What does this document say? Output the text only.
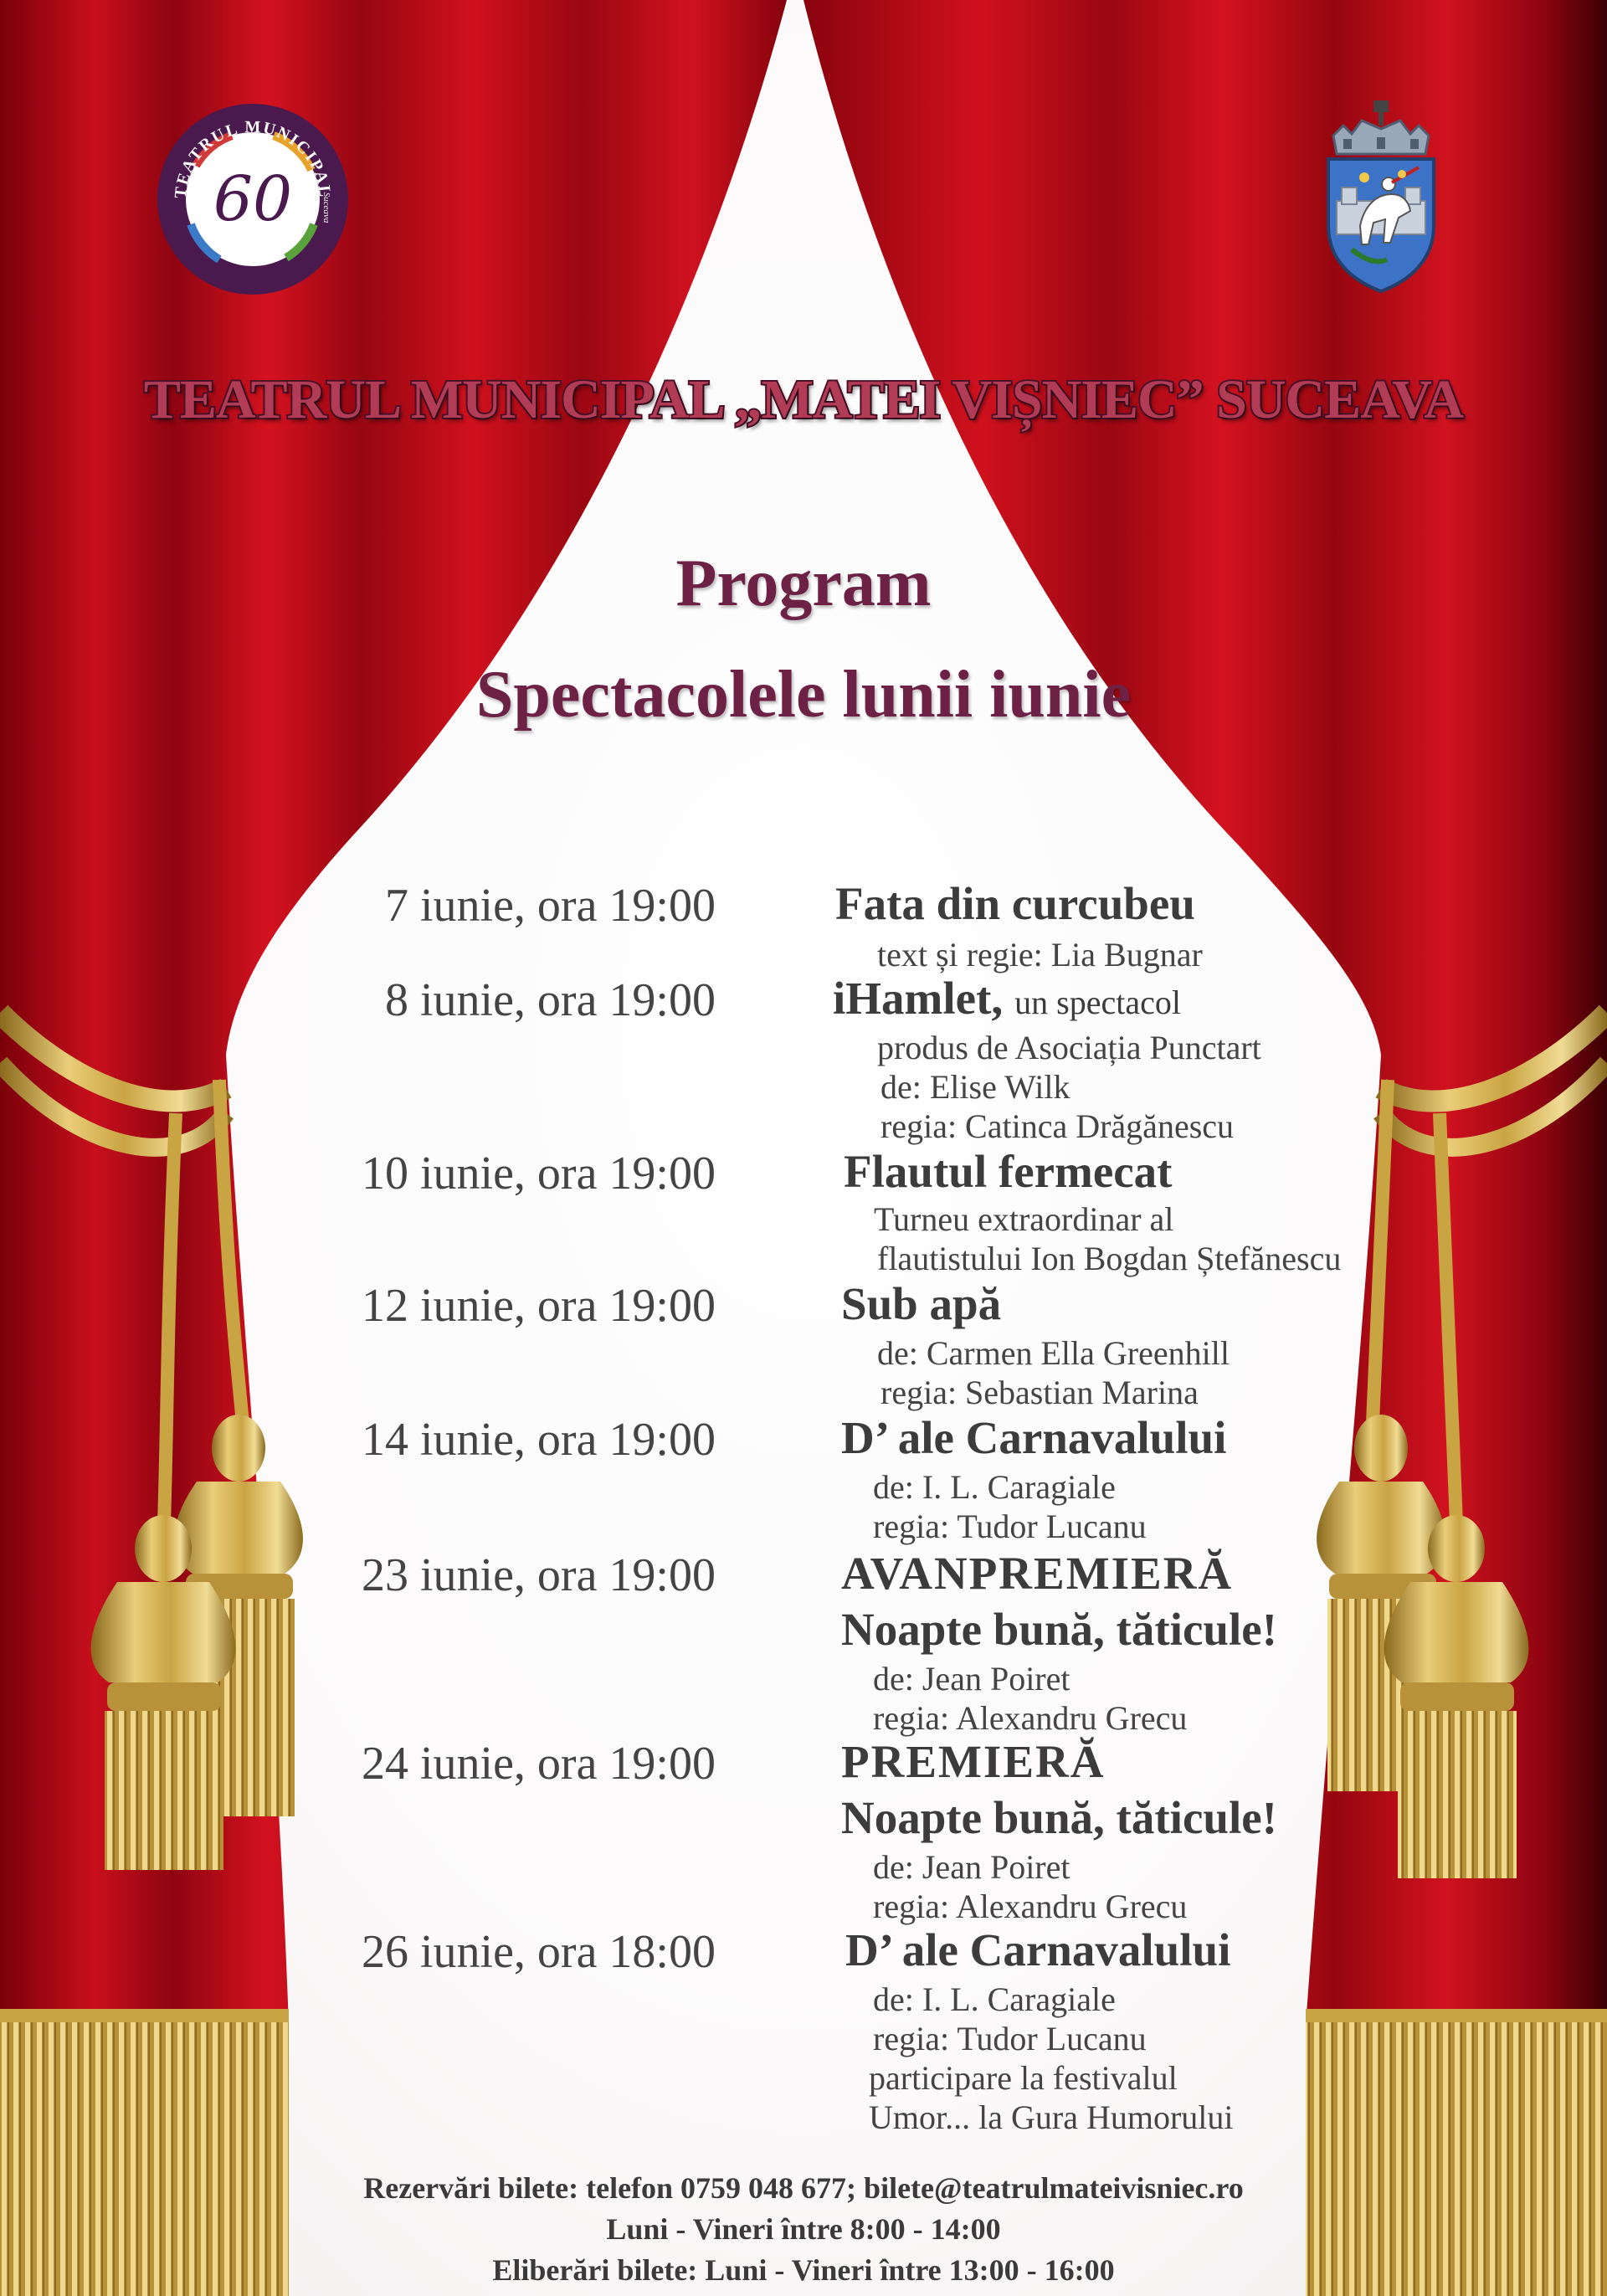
TEATRUL MUNICIPAL
Matei Vișniec
Suceava
60
TEATRUL MUNICIPAL „MATEI VIȘNIEC” SUCEAVA
Program
Spectacolele lunii iunie
7 iunie, ora 19:00	Fata din curcubeu
text și regie: Lia Bugnar
8 iunie, ora 19:00	iHamlet, un spectacol
produs de Asociația Punctart
de: Elise Wilk
regia: Catinca Drăgănescu
10 iunie, ora 19:00	Flautul fermecat
Turneu extraordinar al
flautistului Ion Bogdan Ștefănescu
12 iunie, ora 19:00	Sub apă
de: Carmen Ella Greenhill
regia: Sebastian Marina
14 iunie, ora 19:00	D’ ale Carnavalului
de: I. L. Caragiale
regia: Tudor Lucanu
23 iunie, ora 19:00	AVANPREMIERĂ
Noapte bună, tăticule!
de: Jean Poiret
regia: Alexandru Grecu
24 iunie, ora 19:00	PREMIERĂ
Noapte bună, tăticule!
de: Jean Poiret
regia: Alexandru Grecu
26 iunie, ora 18:00	D’ ale Carnavalului
de: I. L. Caragiale
regia: Tudor Lucanu
participare la festivalul
Umor... la Gura Humorului
Rezervări bilete: telefon 0759 048 677; bilete@teatrulmateivisniec.ro
Luni - Vineri între 8:00 - 14:00
Eliberări bilete: Luni - Vineri între 13:00 - 16:00
